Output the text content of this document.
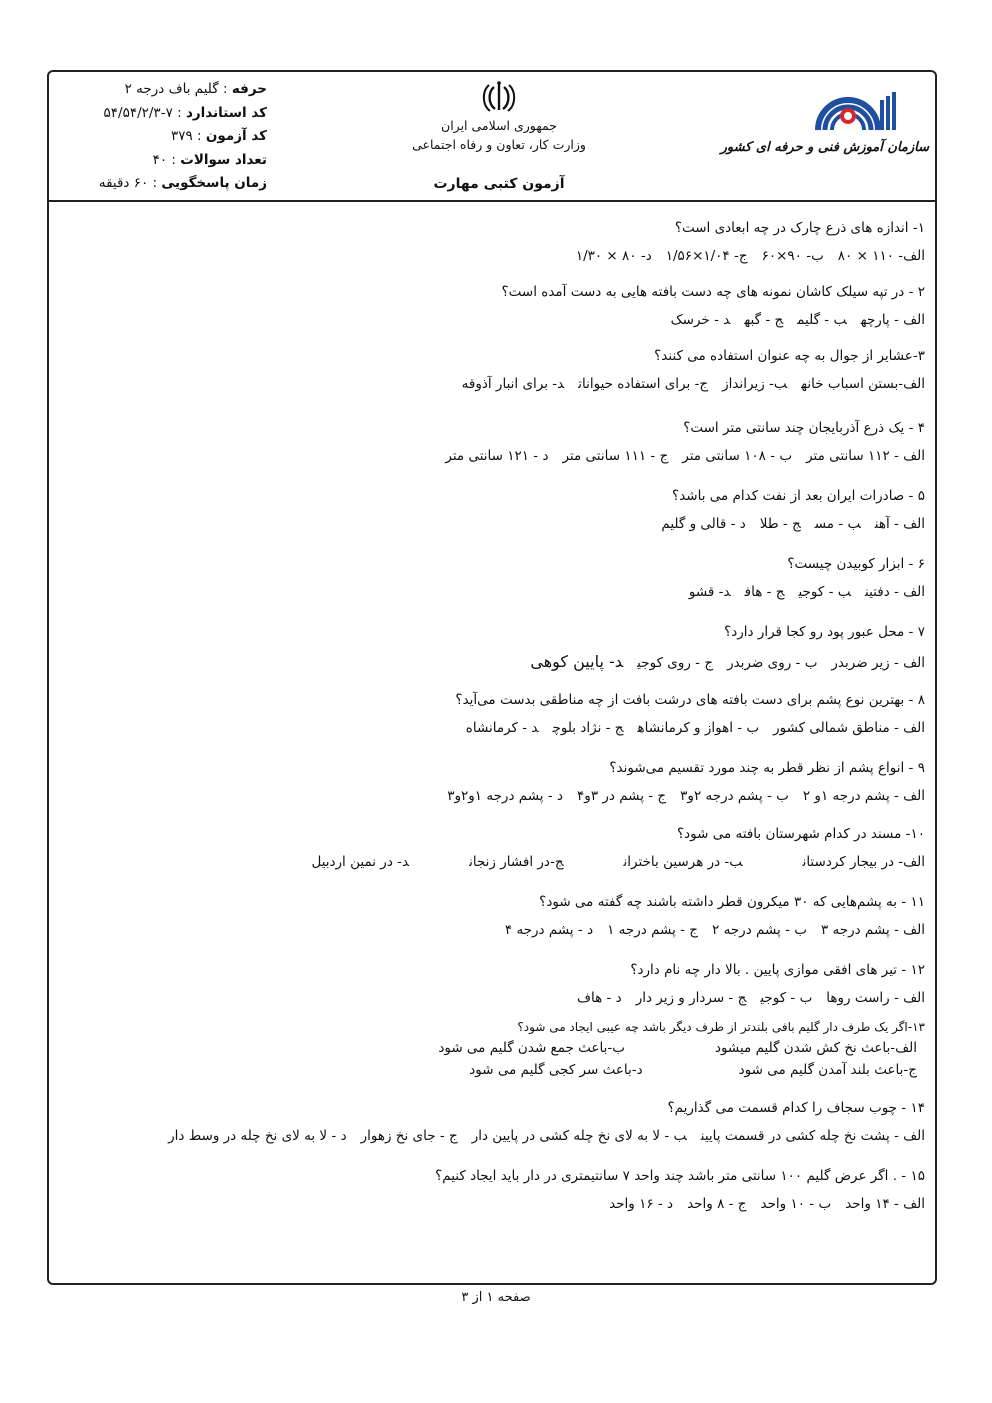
حرفه : گلیم باف درجه ۲
کد استاندارد : ۷-۵۴/۵۴/۲/۳
کد آزمون : ۳۷۹
تعداد سوالات : ۴۰
زمان پاسخگویی : ۶۰ دقیقه
جمهوری اسلامی ایران
وزارت کار، تعاون و رفاه اجتماعی
آزمون کتبی مهارت
سازمان آموزش فنی و حرفه ای کشور
۱- اندازه های ذرع چارک در چه ابعادی است؟
الف- ۱۱۰ × ۸۰ب- ۹۰×۶۰ج- ۱/۰۴×۱/۵۶د- ۸۰ × ۱/۳۰
۲ - در تپه سیلک کاشان نمونه های چه دست بافته هایی به دست آمده است؟
الف - پارچهب - گلیمج - گبهد - خرسک
۳-عشایر از جوال به چه عنوان استفاده می کنند؟
الف-بستن اسباب خانهب- زیراندازج- برای استفاده حیواناتد- برای انبار آذوقه
۴ - یک ذرع آذربایجان چند سانتی متر است؟
الف - ۱۱۲ سانتی مترب - ۱۰۸ سانتی مترج - ۱۱۱ سانتی مترد - ۱۲۱ سانتی متر
۵ - صادرات ایران بعد از نفت کدام می باشد؟
الف - آهنب - مسج - طلاد - قالی و گلیم
۶ - ابزار کوبیدن چیست؟
الف - دفتینب - کوجیج - هافد- قشو
۷ - محل عبور پود رو کجا قرار دارد؟
الف - زیر ضربدرب - روی ضربدرج - روی کوجید- پایین کوهی
۸ - بهترین نوع پشم برای دست بافته های درشت بافت از چه مناطقی بدست می‌آید؟
الف - مناطق شمالی کشورب - اهواز و کرمانشاهج - نژاد بلوچد - کرمانشاه
۹ - انواع پشم از نظر قطر به چند مورد تقسیم می‌شوند؟
الف - پشم درجه ۱و ۲ب - پشم درجه ۲و۳ج - پشم در ۳و۴د - پشم درجه ۱و۲و۳
۱۰- مسند در کدام شهرستان بافته می شود؟
الف- در بیجار کردستانب- در هرسین باخترانج-در افشار زنجاند- در نمین اردبیل
۱۱ - به پشم‌هایی که ۳۰ میکرون قطر داشته باشند چه گفته می شود؟
الف - پشم درجه ۳ب - پشم درجه ۲ج - پشم درجه ۱د - پشم درجه ۴
۱۲ - تیر های افقی موازی پایین . بالا دار چه نام دارد؟
الف - راست روهاب - کوجیج - سردار و زیر دارد - هاف
۱۳-اگر یک طرف دار گلیم بافی بلندتر از طرف دیگر باشد چه عیبی ایجاد می شود؟
الف-باعث نخ کش شدن گلیم میشودب-باعث جمع شدن گلیم می شود
ج-باعث بلند آمدن گلیم می شودد-باعث سر کجی گلیم می شود
۱۴ - چوب سجاف را کدام قسمت می گذاریم؟
الف - پشت نخ چله کشی در قسمت پایینب - لا به لای نخ چله کشی در پایین دارج - جای نخ زهوارد - لا به لای نخ چله در وسط دار
۱۵ - . اگر عرض گلیم ۱۰۰ سانتی متر باشد چند واحد ۷ سانتیمتری در دار باید ایجاد کنیم؟
الف - ۱۴ واحدب - ۱۰ واحدج - ۸ واحدد - ۱۶ واحد
صفحه ۱ از ۳
